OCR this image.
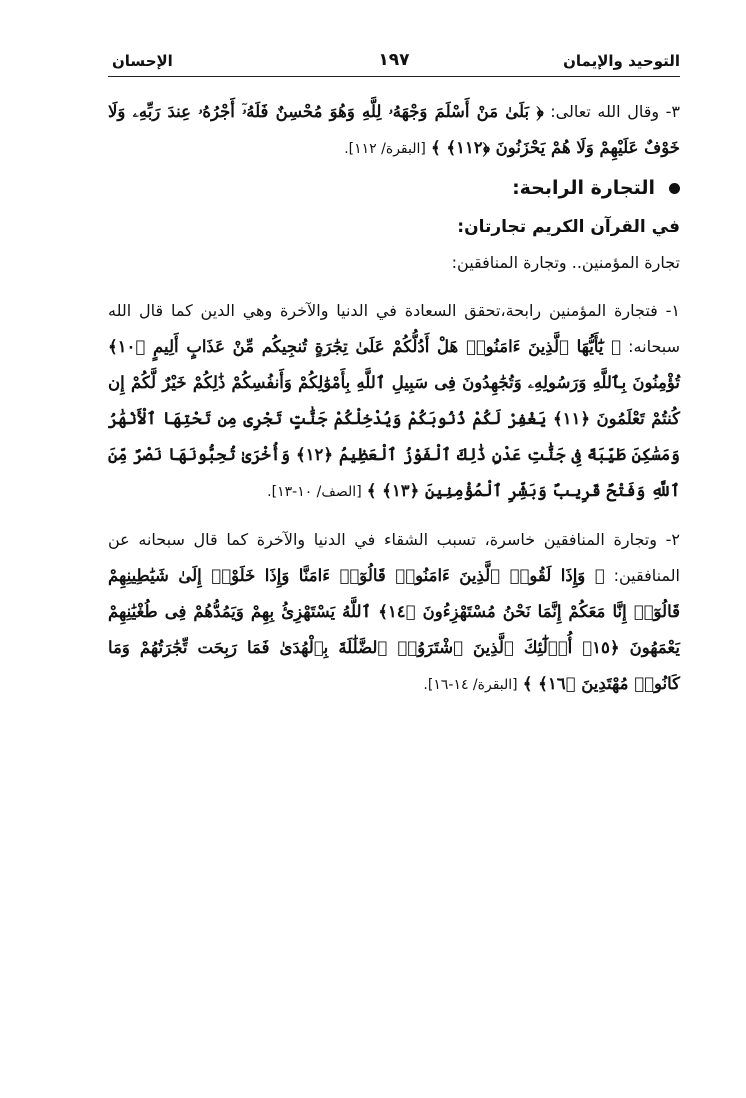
التوحيد والإيمان
١٩٧
الإحسان

٣- وقال الله تعالى: ﴿ بَلَىٰ مَنْ أَسْلَمَ وَجْهَهُۥ لِلَّهِ وَهُوَ مُحْسِنٌ فَلَهُۥٓ أَجْرُهُۥ عِندَ رَبِّهِۦ وَلَا خَوْفٌ عَلَيْهِمْ وَلَا هُمْ يَحْزَنُونَ ﴿١١٢﴾ ﴾ [البقرة/ ١١٢].

التجارة الرابحة:

في القرآن الكريم تجارتان:

تجارة المؤمنين.. وتجارة المنافقين:

١- فتجارة المؤمنين رابحة،تحقق السعادة في الدنيا والآخرة وهي الدين كما قال الله سبحانه: ﴿ يَٰٓأَيُّهَا ٱلَّذِينَ ءَامَنُوا۟ هَلْ أَدُلُّكُمْ عَلَىٰ تِجَٰرَةٍ تُنجِيكُم مِّنْ عَذَابٍ أَلِيمٍ ﴿١٠﴾ تُؤْمِنُونَ بِٱللَّهِ وَرَسُولِهِۦ وَتُجَٰهِدُونَ فِى سَبِيلِ ٱللَّهِ بِأَمْوَٰلِكُمْ وَأَنفُسِكُمْ ذَٰلِكُمْ خَيْرٌ لَّكُمْ إِن كُنتُمْ تَعْلَمُونَ ﴿١١﴾ يَغْفِرْ لَكُمْ ذُنُوبَكُمْ وَيُدْخِلْكُمْ جَنَّٰتٍ تَجْرِى مِن تَحْتِهَا ٱلْأَنْهَٰرُ وَمَسَٰكِنَ طَيِّبَةً فِى جَنَّٰتِ عَدْنٍ ذَٰلِكَ ٱلْفَوْزُ ٱلْعَظِيمُ ﴿١٢﴾ وَأُخْرَىٰ تُحِبُّونَهَا نَصْرٌ مِّنَ ٱللَّهِ وَفَتْحٌ قَرِيبٌ وَبَشِّرِ ٱلْمُؤْمِنِينَ ﴿١٣﴾ ﴾ [الصف/ ١٠-١٣].

٢- وتجارة المنافقين خاسرة، تسبب الشقاء في الدنيا والآخرة كما قال سبحانه عن المنافقين: ﴿ وَإِذَا لَقُوا۟ ٱلَّذِينَ ءَامَنُوا۟ قَالُوٓا۟ ءَامَنَّا وَإِذَا خَلَوْا۟ إِلَىٰ شَيَٰطِينِهِمْ قَالُوٓا۟ إِنَّا مَعَكُمْ إِنَّمَا نَحْنُ مُسْتَهْزِءُونَ ﴿١٤﴾ ٱللَّهُ يَسْتَهْزِئُ بِهِمْ وَيَمُدُّهُمْ فِى طُغْيَٰنِهِمْ يَعْمَهُونَ ﴿١٥﴾ أُو۟لَٰٓئِكَ ٱلَّذِينَ ٱشْتَرَوُا۟ ٱلضَّلَٰلَةَ بِٱلْهُدَىٰ فَمَا رَبِحَت تِّجَٰرَتُهُمْ وَمَا كَانُوا۟ مُهْتَدِينَ ﴿١٦﴾ ﴾ [البقرة/ ١٤-١٦].
